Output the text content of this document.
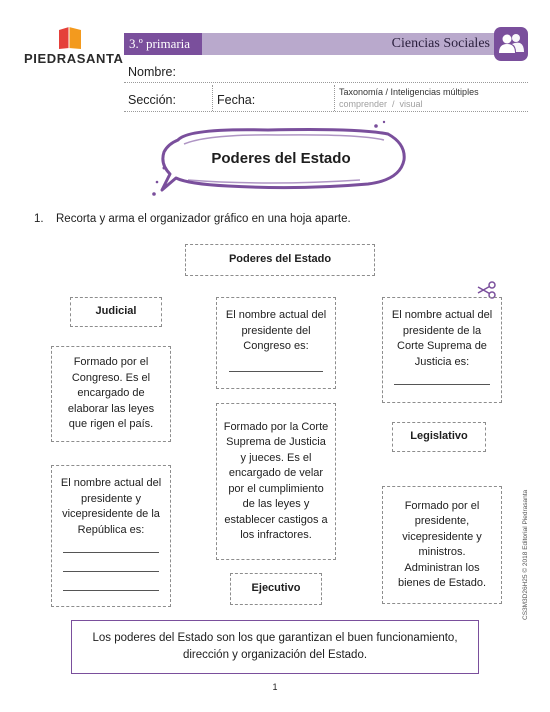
PIEDRASANTA
3.º primaria	Ciencias Sociales
Nombre:
Sección:	Fecha:
Taxonomía / Inteligencias múltiples
comprender  /  visual
Poderes del Estado
1. Recorta y arma el organizador gráfico en una hoja aparte.
Poderes del Estado
Judicial	El nombre actual del presidente del Congreso es:
El nombre actual del presidente de la Corte Suprema de Justicia es:
Formado por el Congreso. Es el encargado de elaborar las leyes que rigen el país.	Formado por la Corte Suprema de Justicia y jueces. Es el encargado de velar por el cumplimiento de las leyes y establecer castigos a los infractores.
Legislativo
El nombre actual del presidente y vicepresidente de la República es:
Formado por el presidente, vicepresidente y ministros. Administran los bienes de Estado.
Ejecutivo
Los poderes del Estado son los que garantizan el buen funcionamiento, dirección y organización del Estado.
1
CS3M3D26H25 © 2018 Editorial Piedrasanta
